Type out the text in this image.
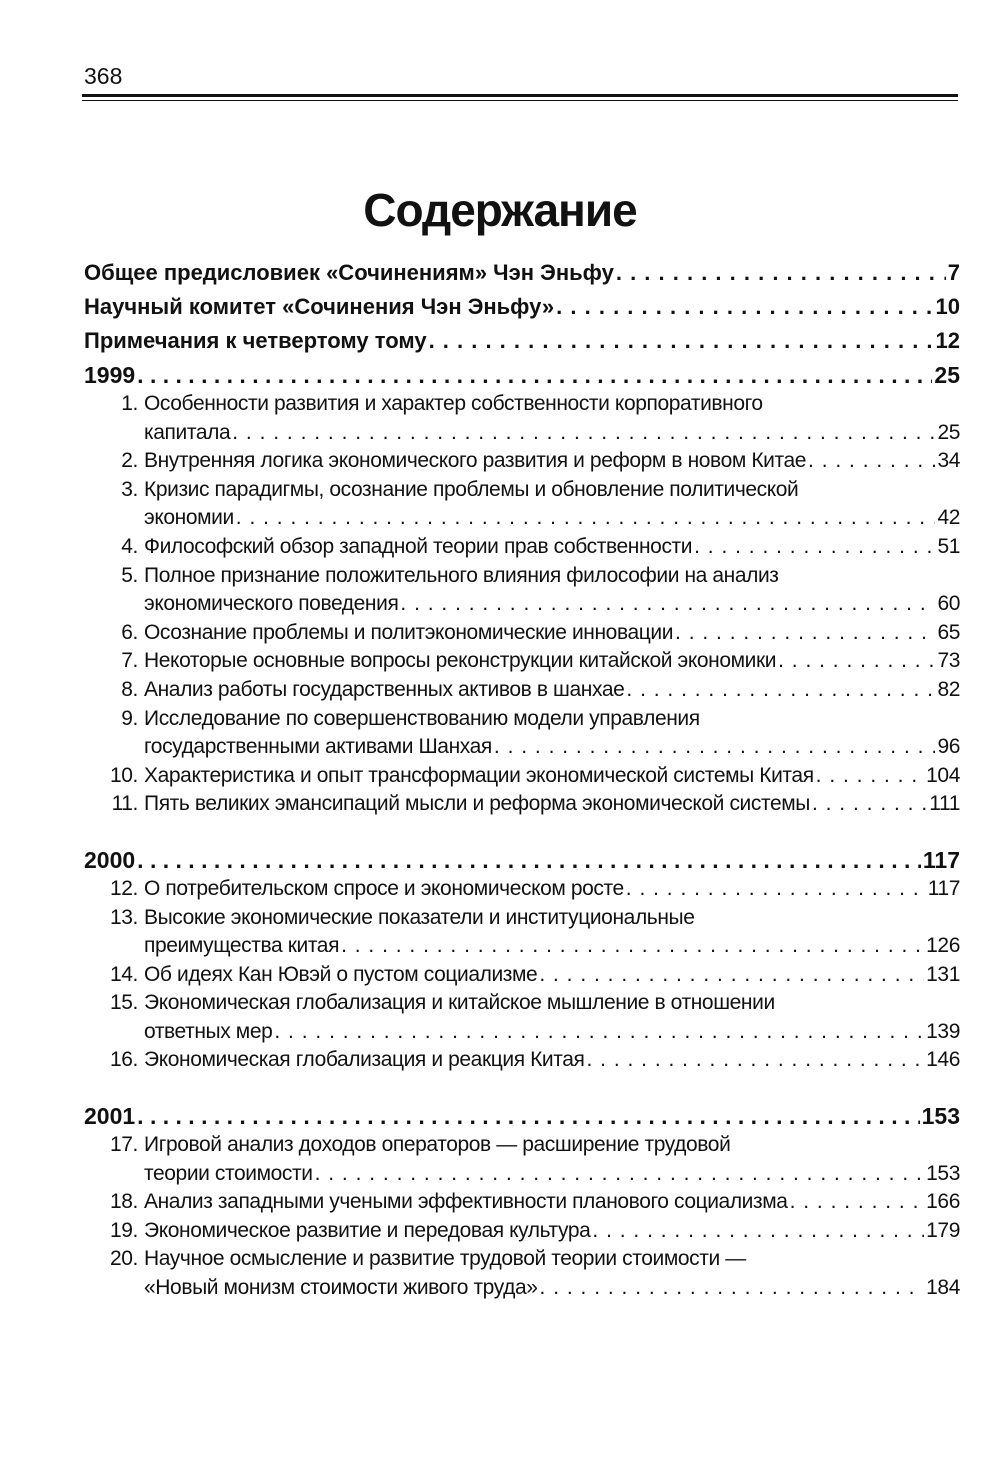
368
Содержание
Общее предисловиек «Сочинениям» Чэн Эньфу . . .	7
Научный комитет «Сочинения Чэн Эньфу» . . .	10
Примечания к четвертому тому . . .	12
1999 . . .	25
1. Особенности развития и характер собственности корпоративного
капитала . . .	25
2. Внутренняя логика экономического развития и реформ в новом Китае . . .	34
3. Кризис парадигмы, осознание проблемы и обновление политической
экономии . . .	42
4. Философский обзор западной теории прав собственности . . .	51
5. Полное признание положительного влияния философии на анализ
экономического поведения . . .	60
6. Осознание проблемы и политэкономические инновации . . .	65
7. Некоторые основные вопросы реконструкции китайской экономики . . .	73
8. Анализ работы государственных активов в шанхае . . .	82
9. Исследование по совершенствованию модели управления
государственными активами Шанхая . . .	96
10. Характеристика и опыт трансформации экономической системы Китая . . .	104
11. Пять великих эмансипаций мысли и реформа экономической системы . . .	111
2000 . . .	117
12. О потребительском спросе и экономическом росте . . .	117
13. Высокие экономические показатели и институциональные
преимущества китая . . .	126
14. Об идеях Кан Ювэй о пустом социализме . . .	131
15. Экономическая глобализация и китайское мышление в отношении
ответных мер . . .	139
16. Экономическая глобализация и реакция Китая . . .	146
2001 . . .	153
17. Игровой анализ доходов операторов — расширение трудовой
теории стоимости . . .	153
18. Анализ западными учеными эффективности планового социализма . . .	166
19. Экономическое развитие и передовая культура . . .	179
20. Научное осмысление и развитие трудовой теории стоимости —
«Новый монизм стоимости живого труда» . . .	184
